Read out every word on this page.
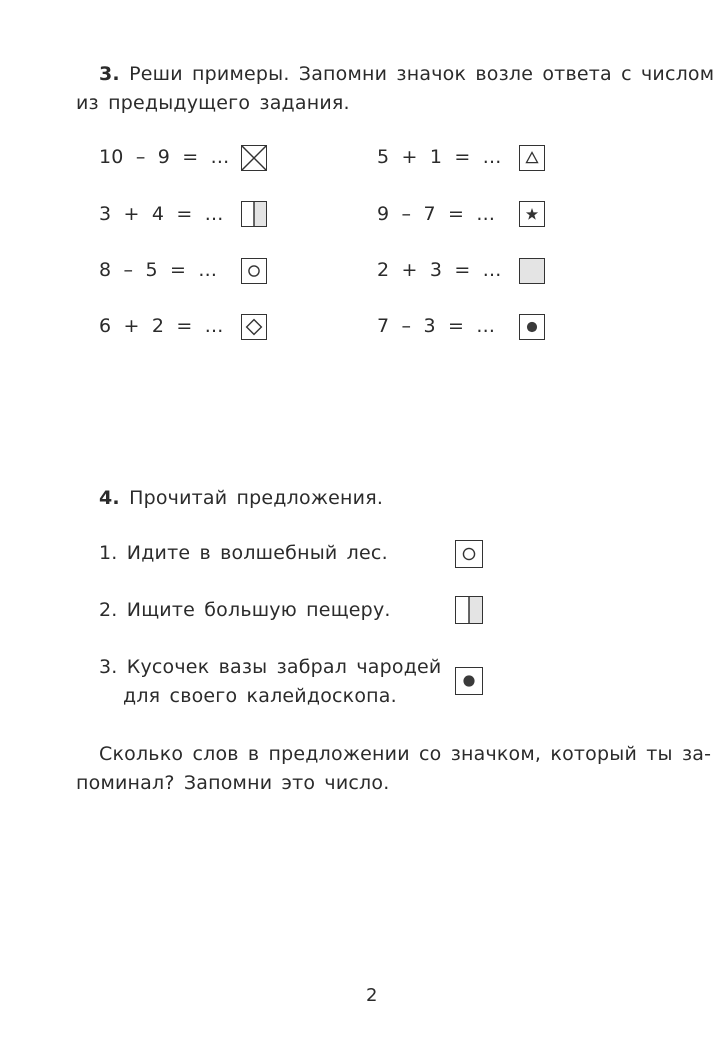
3. Реши примеры. Запомни значок возле ответа с числом
из предыдущего задания.
10 – 9 = ...
3 + 4 = ...
8 – 5 = ...
6 + 2 = ...
5 + 1 = ...
9 – 7 = ...
2 + 3 = ...
7 – 3 = ...
4. Прочитай предложения.
1. Идите в волшебный лес.
2. Ищите большую пещеру.
3. Кусочек вазы забрал чародей
для своего калейдоскопа.
Сколько слов в предложении со значком, который ты за-
поминал? Запомни это число.
2
